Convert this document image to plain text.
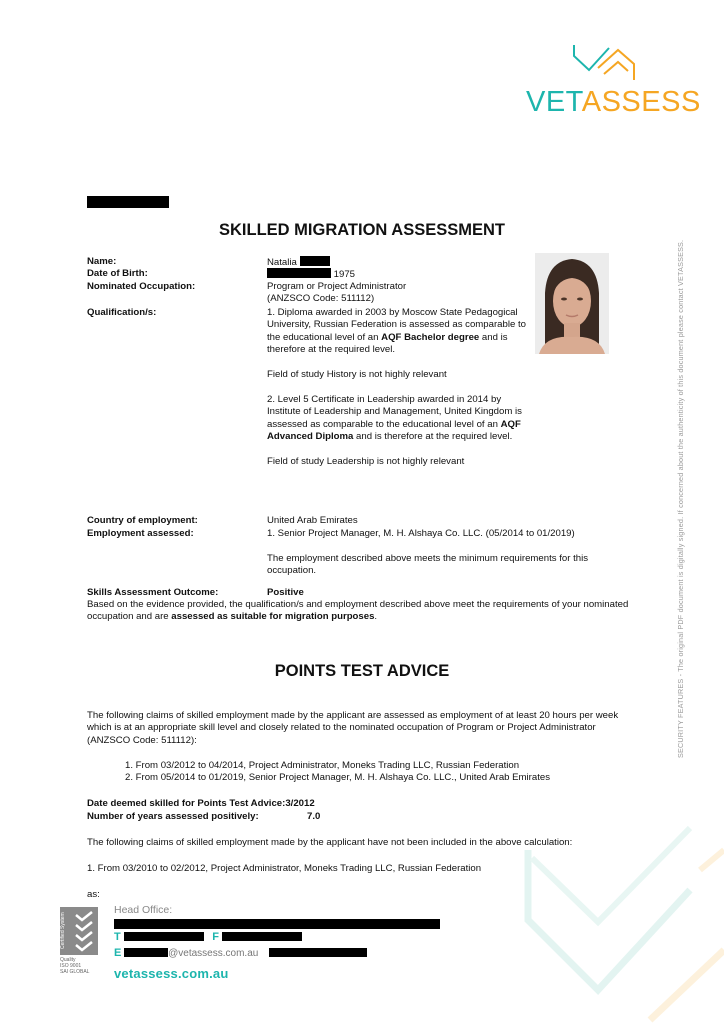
VETASSESS
SKILLED MIGRATION ASSESSMENT
Name:	Natalia
Date of Birth:	1975
Nominated Occupation:	Program or Project Administrator
(ANZSCO Code: 511112)
Qualification/s:	1. Diploma awarded in 2003 by Moscow State Pedagogical University, Russian Federation is assessed as comparable to the educational level of an AQF Bachelor degree and is therefore at the required level.
Field of study History is not highly relevant
2. Level 5 Certificate in Leadership awarded in 2014 by Institute of Leadership and Management, United Kingdom is assessed as comparable to the educational level of an AQF Advanced Diploma and is therefore at the required level.
Field of study Leadership is not highly relevant
Country of employment:	United Arab Emirates
Employment assessed:	1. Senior Project Manager, M. H. Alshaya Co. LLC. (05/2014 to 01/2019)
The employment described above meets the minimum requirements for this occupation.
Skills Assessment Outcome:	Positive
Based on the evidence provided, the qualification/s and employment described above meet the requirements of your nominated occupation and are assessed as suitable for migration purposes.
POINTS TEST ADVICE
The following claims of skilled employment made by the applicant are assessed as employment of at least 20 hours per week which is at an appropriate skill level and closely related to the nominated occupation of Program or Project Administrator (ANZSCO Code: 511112):
1. From 03/2012 to 04/2014, Project Administrator, Moneks Trading LLC, Russian Federation
2. From 05/2014 to 01/2019, Senior Project Manager, M. H. Alshaya Co. LLC., United Arab Emirates
Date deemed skilled for Points Test Advice:3/2012
Number of years assessed positively:	7.0
The following claims of skilled employment made by the applicant have not been included in the above calculation:
1. From 03/2010 to 02/2012, Project Administrator, Moneks Trading LLC, Russian Federation
as:
SECURITY FEATURES - The original PDF document is digitally signed. If concerned about the authenticity of this document please contact VETASSESS.
Certified System
Quality
ISO 9001
SAI GLOBAL
Head Office:
T	F
E	@vetassess.com.au
vetassess.com.au
